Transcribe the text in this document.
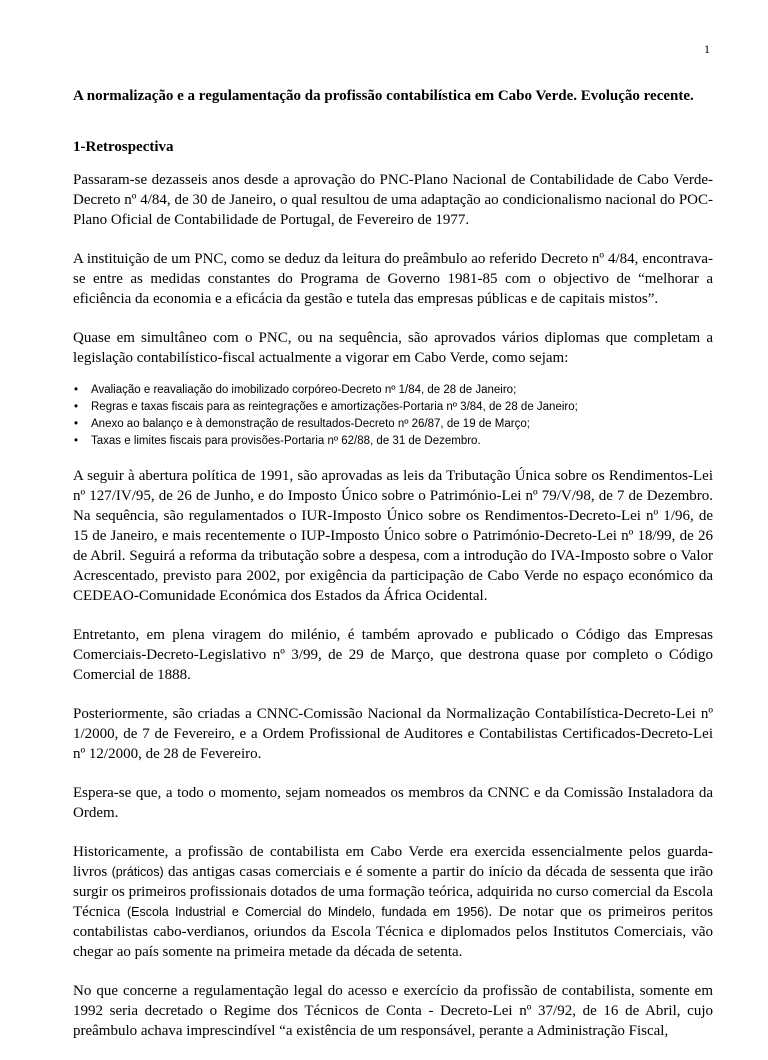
1
A normalização e a regulamentação da profissão contabilística em Cabo Verde. Evolução recente.
1-Retrospectiva

Passaram-se dezasseis anos desde a aprovação do PNC-Plano Nacional de Contabilidade de Cabo Verde-Decreto nº 4/84, de 30 de Janeiro, o qual resultou de uma adaptação ao condicionalismo nacional do POC-Plano Oficial de Contabilidade de Portugal, de Fevereiro de 1977.

A instituição de um PNC, como se deduz da leitura do preâmbulo ao referido Decreto nº 4/84, encontrava-se entre as medidas constantes do Programa de Governo 1981-85 com o objectivo de “melhorar a eficiência da economia e a eficácia da gestão e tutela das empresas públicas e de capitais mistos”.

Quase em simultâneo com o PNC, ou na sequência, são aprovados vários diplomas que completam a legislação contabilístico-fiscal actualmente a vigorar em Cabo Verde, como sejam:

• Avaliação e reavaliação do imobilizado corpóreo-Decreto nº 1/84, de 28 de Janeiro;
• Regras e taxas fiscais para as reintegrações e amortizações-Portaria nº 3/84, de 28 de Janeiro;
• Anexo ao balanço e à demonstração de resultados-Decreto nº 26/87, de 19 de Março;
• Taxas e limites fiscais para provisões-Portaria nº 62/88, de 31 de Dezembro.

A seguir à abertura política de 1991, são aprovadas as leis da Tributação Única sobre os Rendimentos-Lei nº 127/IV/95, de 26 de Junho, e do Imposto Único sobre o Património-Lei nº 79/V/98, de 7 de Dezembro. Na sequência, são regulamentados o IUR-Imposto Único sobre os Rendimentos-Decreto-Lei nº 1/96, de 15 de Janeiro, e mais recentemente o IUP-Imposto Único sobre o Património-Decreto-Lei nº 18/99, de 26 de Abril. Seguirá a reforma da tributação sobre a despesa, com a introdução do IVA-Imposto sobre o Valor Acrescentado, previsto para 2002, por exigência da participação de Cabo Verde no espaço económico da CEDEAO-Comunidade Económica dos Estados da África Ocidental.

Entretanto, em plena viragem do milénio, é também aprovado e publicado o Código das Empresas Comerciais-Decreto-Legislativo nº 3/99, de 29 de Março, que destrona quase por completo o Código Comercial de 1888.

Posteriormente, são criadas a CNNC-Comissão Nacional da Normalização Contabilística-Decreto-Lei nº 1/2000, de 7 de Fevereiro, e a Ordem Profissional de Auditores e Contabilistas Certificados-Decreto-Lei nº 12/2000, de 28 de Fevereiro.

Espera-se que, a todo o momento, sejam nomeados os membros da CNNC e da Comissão Instaladora da Ordem.

Historicamente, a profissão de contabilista em Cabo Verde era exercida essencialmente pelos guarda-livros (práticos) das antigas casas comerciais e é somente a partir do início da década de sessenta que irão surgir os primeiros profissionais dotados de uma formação teórica, adquirida no curso comercial da Escola Técnica (Escola Industrial e Comercial do Mindelo, fundada em 1956). De notar que os primeiros peritos contabilistas cabo-verdianos, oriundos da Escola Técnica e diplomados pelos Institutos Comerciais, vão chegar ao país somente na primeira metade da década de setenta.

No que concerne a regulamentação legal do acesso e exercício da profissão de contabilista, somente em 1992 seria decretado o Regime dos Técnicos de Conta - Decreto-Lei nº 37/92, de 16 de Abril, cujo preâmbulo achava imprescindível “a existência de um responsável, perante a Administração Fiscal,
